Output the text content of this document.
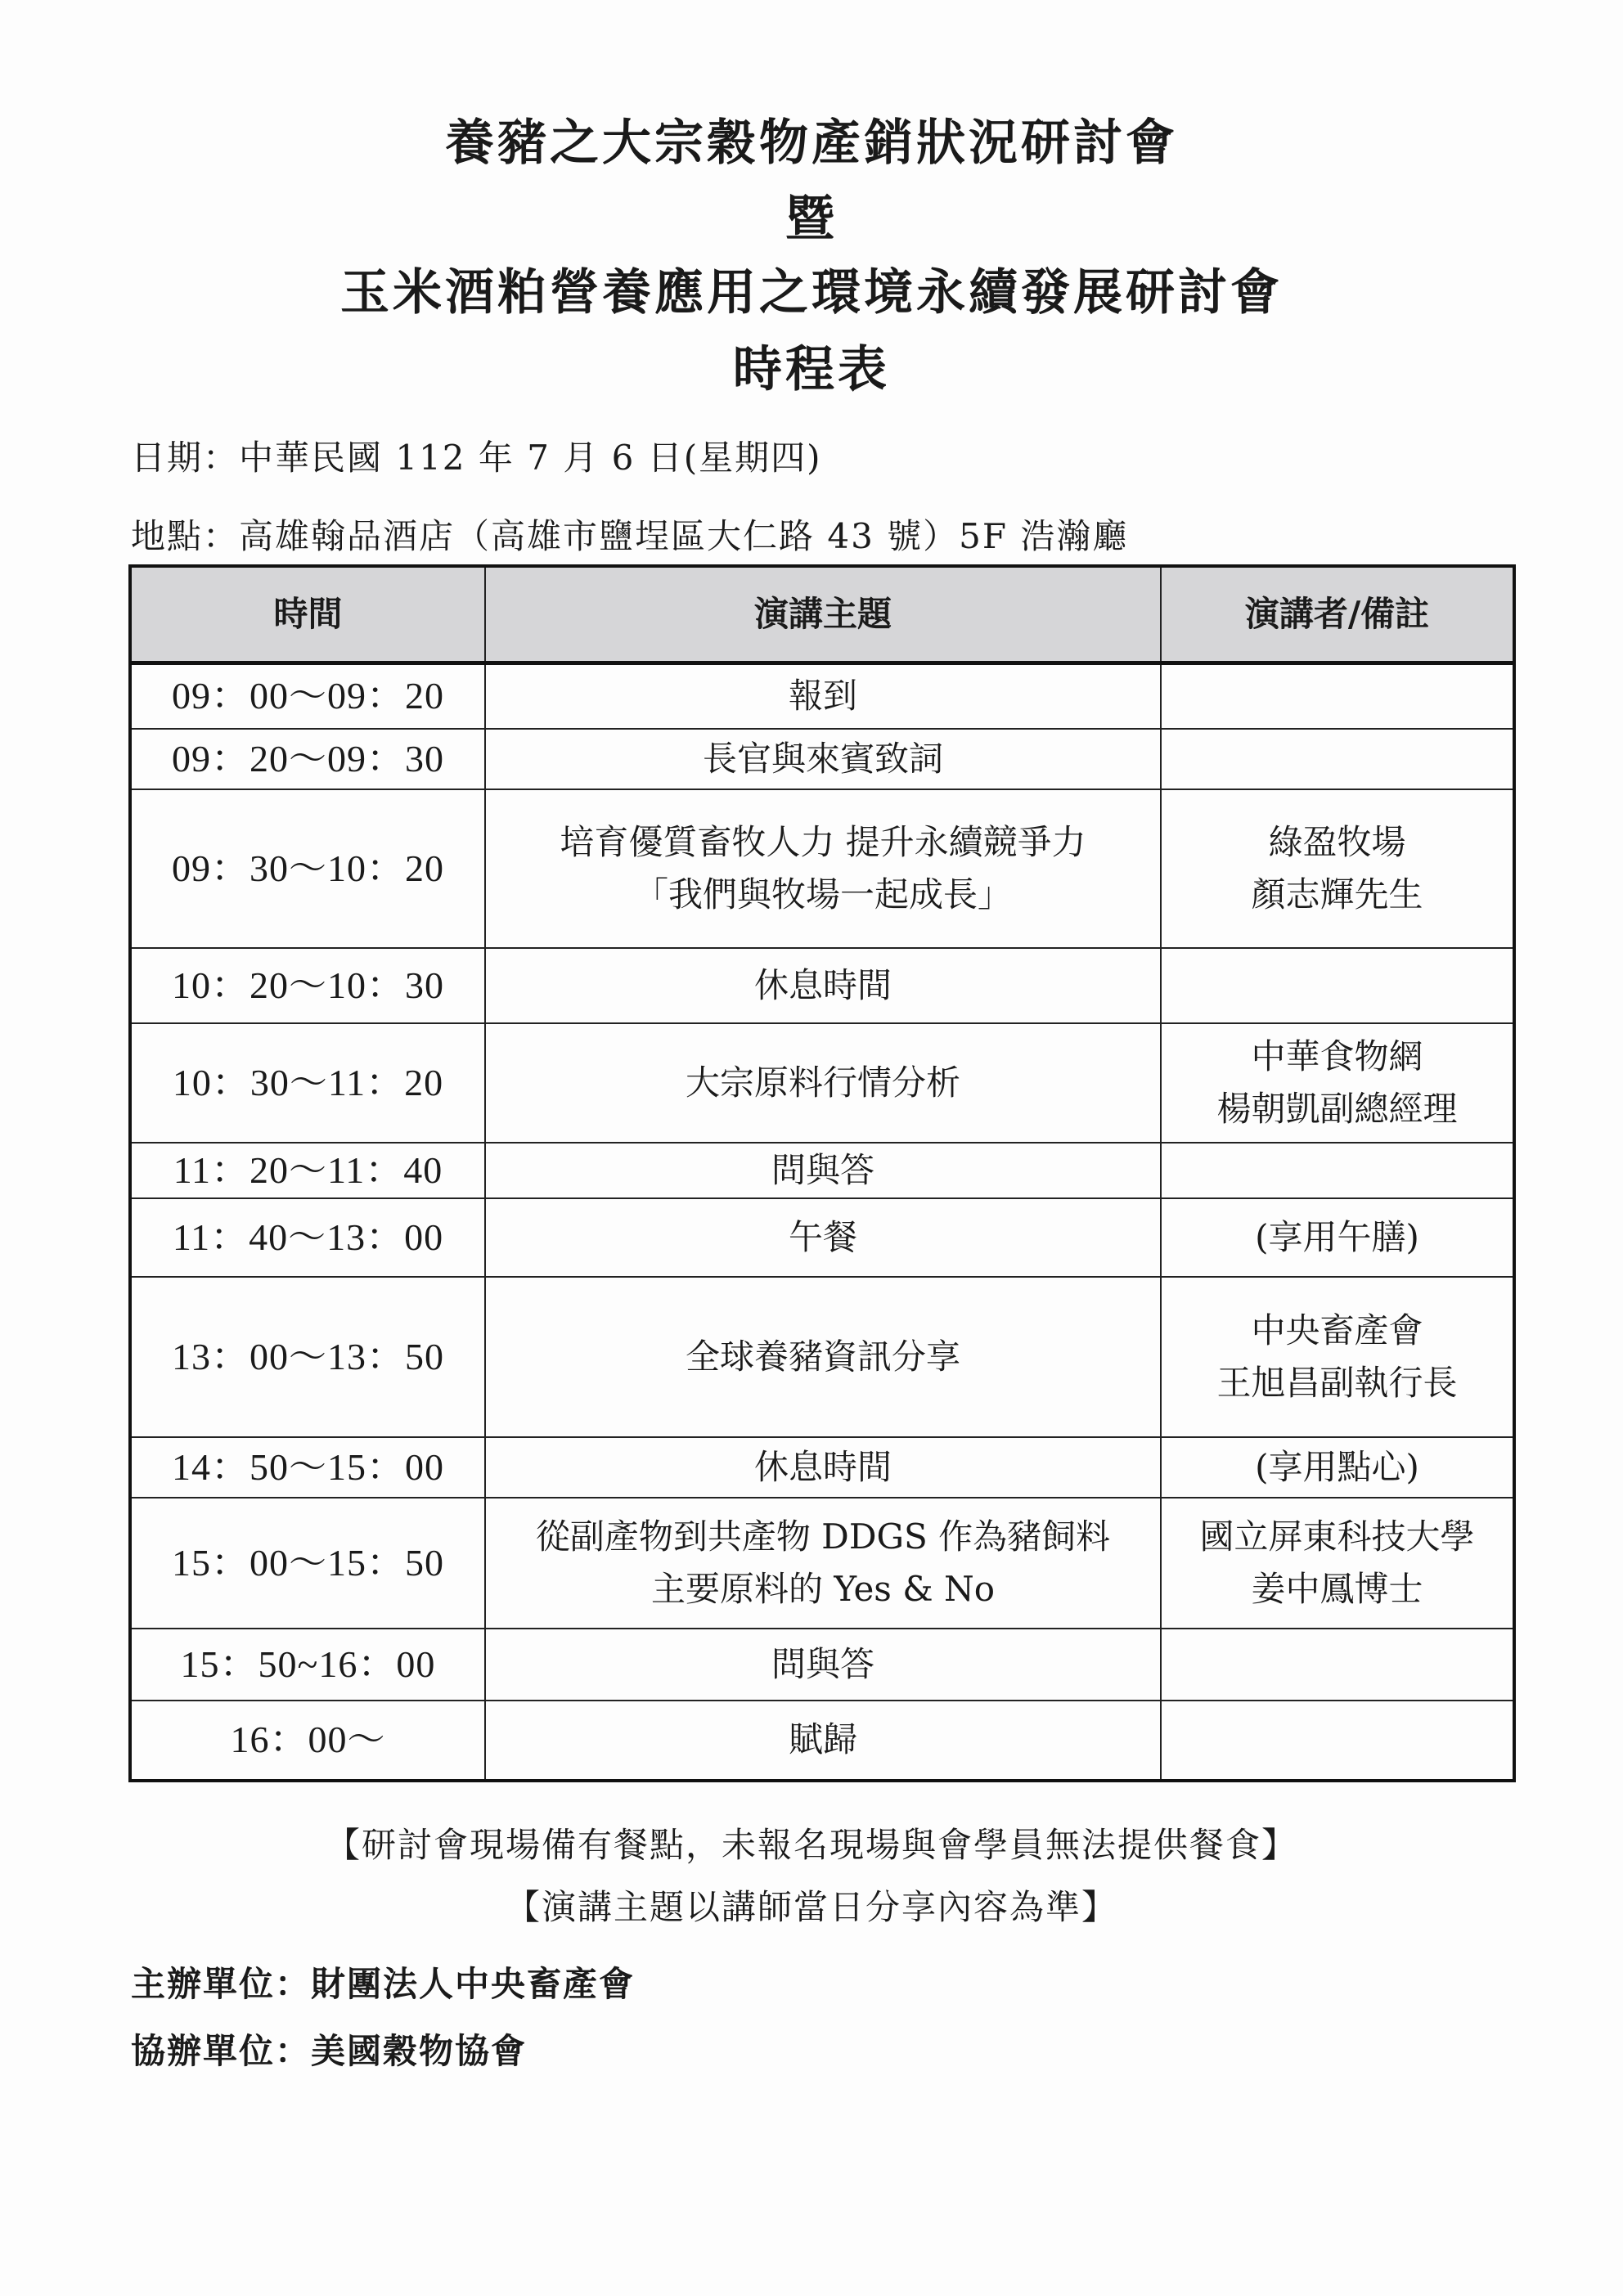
養豬之大宗穀物產銷狀況研討會
暨
玉米酒粕營養應用之環境永續發展研討會
時程表
日期：中華民國 112 年 7 月 6 日(星期四)
地點：高雄翰品酒店（高雄市鹽埕區大仁路 43 號）5F 浩瀚廳
時間	演講主題	演講者/備註
09：00～09：20	報到	

09：20～09：30	長官與來賓致詞	

09：30～10：20	培育優質畜牧人力 提升永續競爭力
「我們與牧場一起成長」	綠盈牧場
顏志輝先生

10：20～10：30	休息時間	

10：30～11：20	大宗原料行情分析	中華食物網
楊朝凱副總經理

11：20～11：40	問與答	

11：40～13：00	午餐	(享用午膳)

13：00～13：50	全球養豬資訊分享	中央畜產會
王旭昌副執行長

14：50～15：00	休息時間	(享用點心)

15：00～15：50	從副產物到共產物 DDGS 作為豬飼料
主要原料的 Yes & No	國立屏東科技大學
姜中鳳博士

15：50~16：00	問與答	

16：00～	賦歸	

【研討會現場備有餐點，未報名現場與會學員無法提供餐食】
【演講主題以講師當日分享內容為準】
主辦單位：財團法人中央畜產會
協辦單位：美國穀物協會
